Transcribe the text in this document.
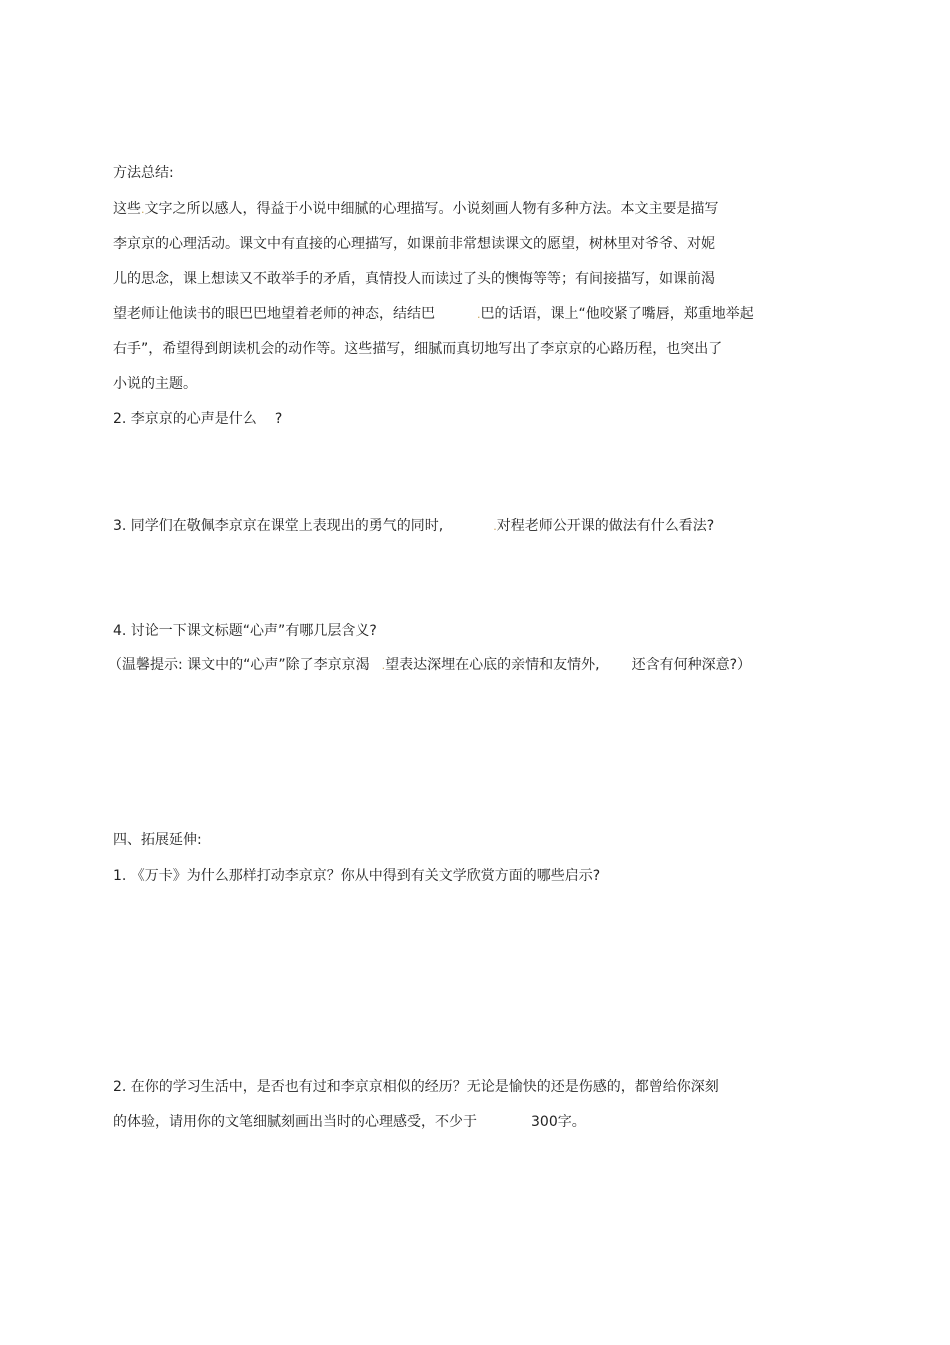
方法总结:

这些.文字之所以感人，得益于小说中细腻的心理描写。小说刻画人物有多种方法。本文主要是描写

李京京的心理活动。课文中有直接的心理描写，如课前非常想读课文的愿望，树林里对爷爷、对妮

儿的思念，课上想读又不敢举手的矛盾，真情投人而读过了头的懊悔等等；有间接描写，如课前渴

望老师让他读书的眼巴巴地望着老师的神态，结结巴	.巴的话语，课上“他咬紧了嘴唇，郑重地举起

右手”，希望得到朗读机会的动作等。这些描写，细腻而真切地写出了李京京的心路历程，也突出了

小说的主题。

2. 李京京的心声是什么 ?

3. 同学们在敬佩李京京在课堂上表现出的勇气的同时,	.对程老师公开课的做法有什么看法?

4. 讨论一下课文标题“心声”有哪几层含义?

（温馨提示: 课文中的“心声”除了李京京渴 .望表达深埋在心底的亲情和友情外, 还含有何种深意?）

四、拓展延伸:

1. 《万卡》为什么那样打动李京京？你从中得到有关文学欣赏方面的哪些启示?

2. 在你的学习生活中，是否也有过和李京京相似的经历？无论是愉快的还是伤感的，都曾给你深刻

的体验，请用你的文笔细腻刻画出当时的心理感受，不少于	300字。
